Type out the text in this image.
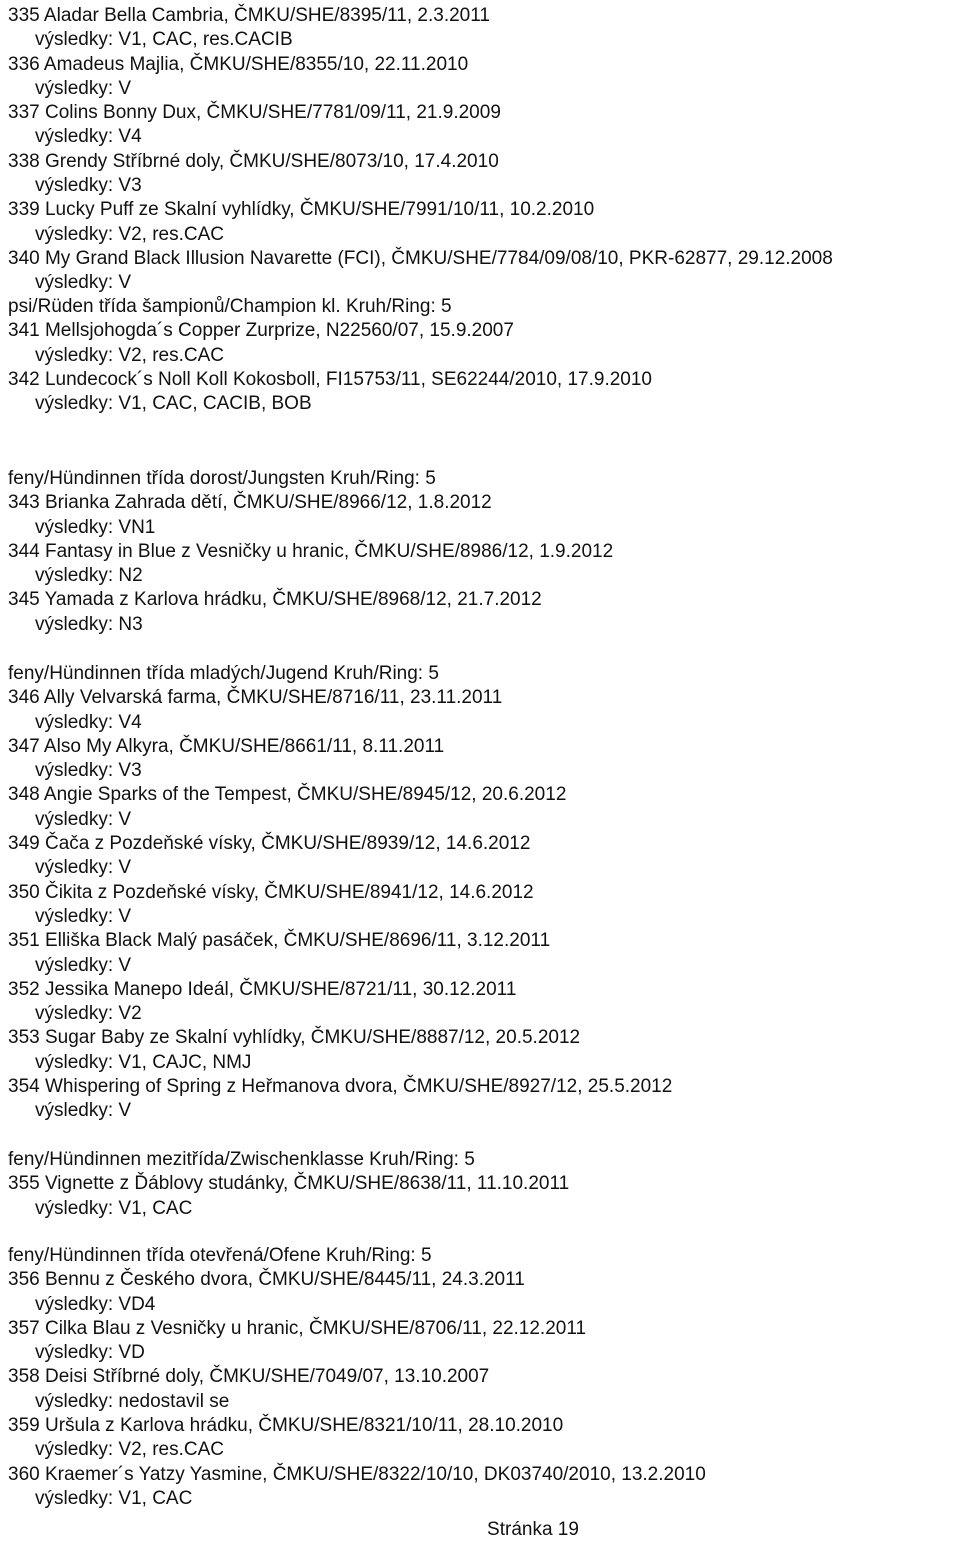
335 Aladar Bella Cambria, ČMKU/SHE/8395/11, 2.3.2011
výsledky: V1, CAC, res.CACIB
336 Amadeus Majlia, ČMKU/SHE/8355/10, 22.11.2010
výsledky: V
337 Colins Bonny Dux, ČMKU/SHE/7781/09/11, 21.9.2009
výsledky: V4
338 Grendy Stříbrné doly, ČMKU/SHE/8073/10, 17.4.2010
výsledky: V3
339 Lucky Puff ze Skalní vyhlídky, ČMKU/SHE/7991/10/11, 10.2.2010
výsledky: V2, res.CAC
340 My Grand Black Illusion Navarette (FCI), ČMKU/SHE/7784/09/08/10, PKR-62877, 29.12.2008
výsledky: V
psi/Rüden třída šampionů/Champion kl. Kruh/Ring: 5
341 Mellsjohogda´s Copper Zurprize, N22560/07, 15.9.2007
výsledky: V2, res.CAC
342 Lundecock´s Noll Koll Kokosboll, FI15753/11, SE62244/2010, 17.9.2010
výsledky: V1, CAC, CACIB, BOB
feny/Hündinnen třída dorost/Jungsten Kruh/Ring: 5
343 Brianka Zahrada dětí, ČMKU/SHE/8966/12, 1.8.2012
výsledky: VN1
344 Fantasy in Blue z Vesničky u hranic, ČMKU/SHE/8986/12, 1.9.2012
výsledky: N2
345 Yamada z Karlova hrádku, ČMKU/SHE/8968/12, 21.7.2012
výsledky: N3
feny/Hündinnen třída mladých/Jugend Kruh/Ring: 5
346 Ally Velvarská farma, ČMKU/SHE/8716/11, 23.11.2011
výsledky: V4
347 Also My Alkyra, ČMKU/SHE/8661/11, 8.11.2011
výsledky: V3
348 Angie Sparks of the Tempest, ČMKU/SHE/8945/12, 20.6.2012
výsledky: V
349 Čača z Pozdeňské vísky, ČMKU/SHE/8939/12, 14.6.2012
výsledky: V
350 Čikita z Pozdeňské vísky, ČMKU/SHE/8941/12, 14.6.2012
výsledky: V
351 Elliška Black Malý pasáček, ČMKU/SHE/8696/11, 3.12.2011
výsledky: V
352 Jessika Manepo Ideál, ČMKU/SHE/8721/11, 30.12.2011
výsledky: V2
353 Sugar Baby ze Skalní vyhlídky, ČMKU/SHE/8887/12, 20.5.2012
výsledky: V1, CAJC, NMJ
354 Whispering of Spring z Heřmanova dvora, ČMKU/SHE/8927/12, 25.5.2012
výsledky: V
feny/Hündinnen mezitřída/Zwischenklasse Kruh/Ring: 5
355 Vignette z Ďáblovy studánky, ČMKU/SHE/8638/11, 11.10.2011
výsledky: V1, CAC
feny/Hündinnen třída otevřená/Ofene Kruh/Ring: 5
356 Bennu z Českého dvora, ČMKU/SHE/8445/11, 24.3.2011
výsledky: VD4
357 Cilka Blau z Vesničky u hranic, ČMKU/SHE/8706/11, 22.12.2011
výsledky: VD
358 Deisi Stříbrné doly, ČMKU/SHE/7049/07, 13.10.2007
výsledky: nedostavil se
359 Uršula z Karlova hrádku, ČMKU/SHE/8321/10/11, 28.10.2010
výsledky: V2, res.CAC
360 Kraemer´s Yatzy Yasmine, ČMKU/SHE/8322/10/10, DK03740/2010, 13.2.2010
výsledky: V1, CAC
Stránka 19
